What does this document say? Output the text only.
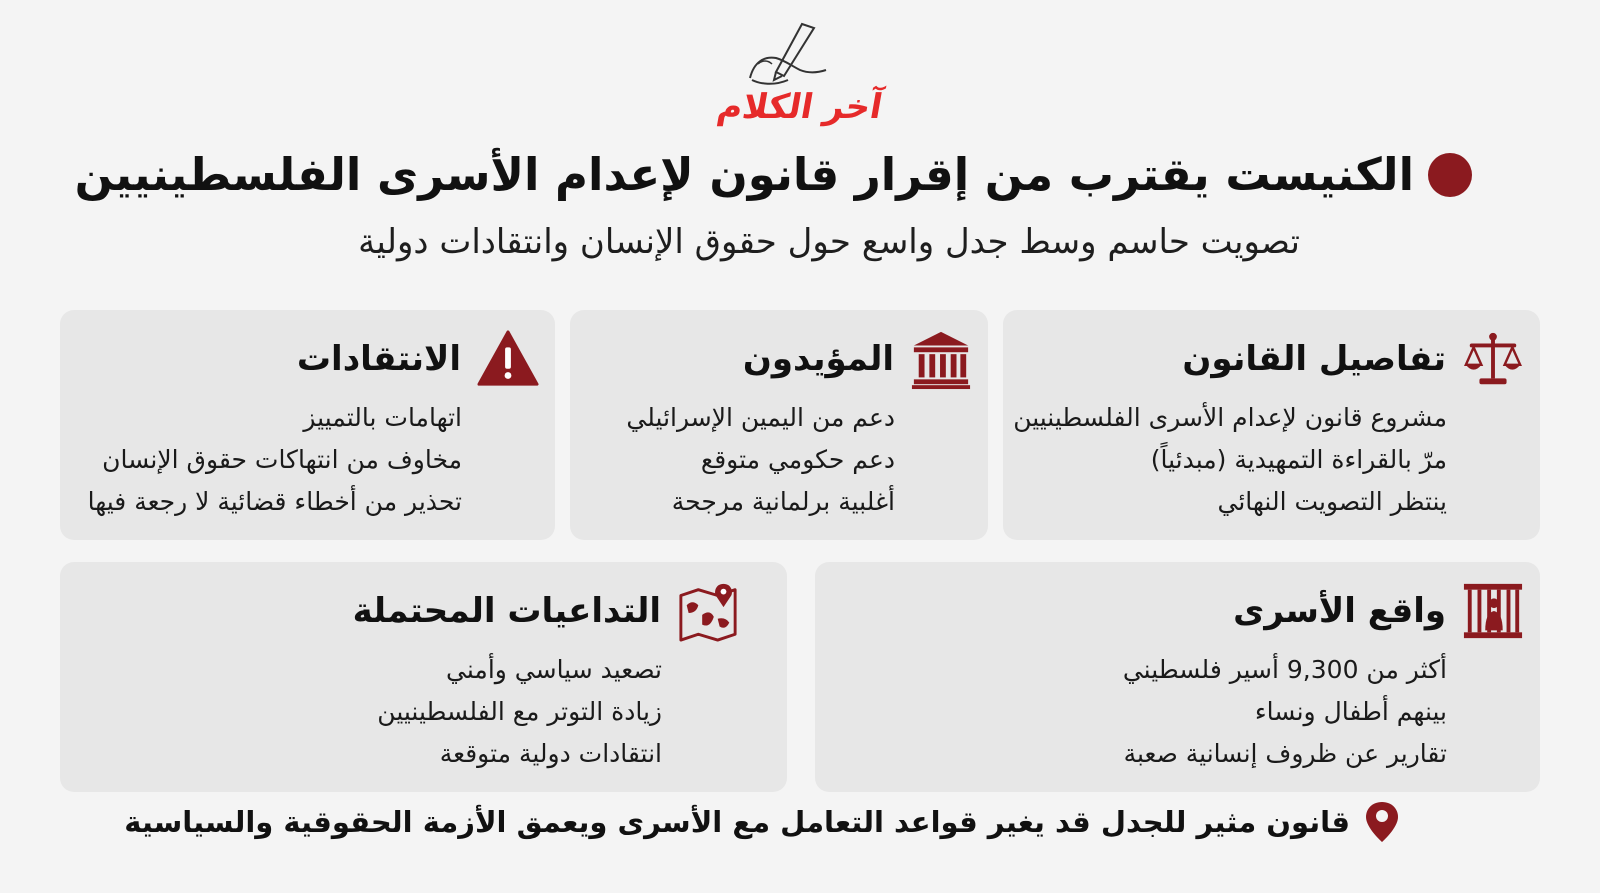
آخر الكلام
الكنيست يقترب من إقرار قانون لإعدام الأسرى الفلسطينيين

تصويت حاسم وسط جدل واسع حول حقوق الإنسان وانتقادات دولية

تفاصيل القانون
مشروع قانون لإعدام الأسرى الفلسطينيين
مرّ بالقراءة التمهيدية (مبدئياً)
ينتظر التصويت النهائي
المؤيدون
دعم من اليمين الإسرائيلي
دعم حكومي متوقع
أغلبية برلمانية مرجحة
الانتقادات
اتهامات بالتمييز
مخاوف من انتهاكات حقوق الإنسان
تحذير من أخطاء قضائية لا رجعة فيها
واقع الأسرى
أكثر من 9,300 أسير فلسطيني
بينهم أطفال ونساء
تقارير عن ظروف إنسانية صعبة
التداعيات المحتملة
تصعيد سياسي وأمني
زيادة التوتر مع الفلسطينيين
انتقادات دولية متوقعة
قانون مثير للجدل قد يغير قواعد التعامل مع الأسرى ويعمق الأزمة الحقوقية والسياسية
